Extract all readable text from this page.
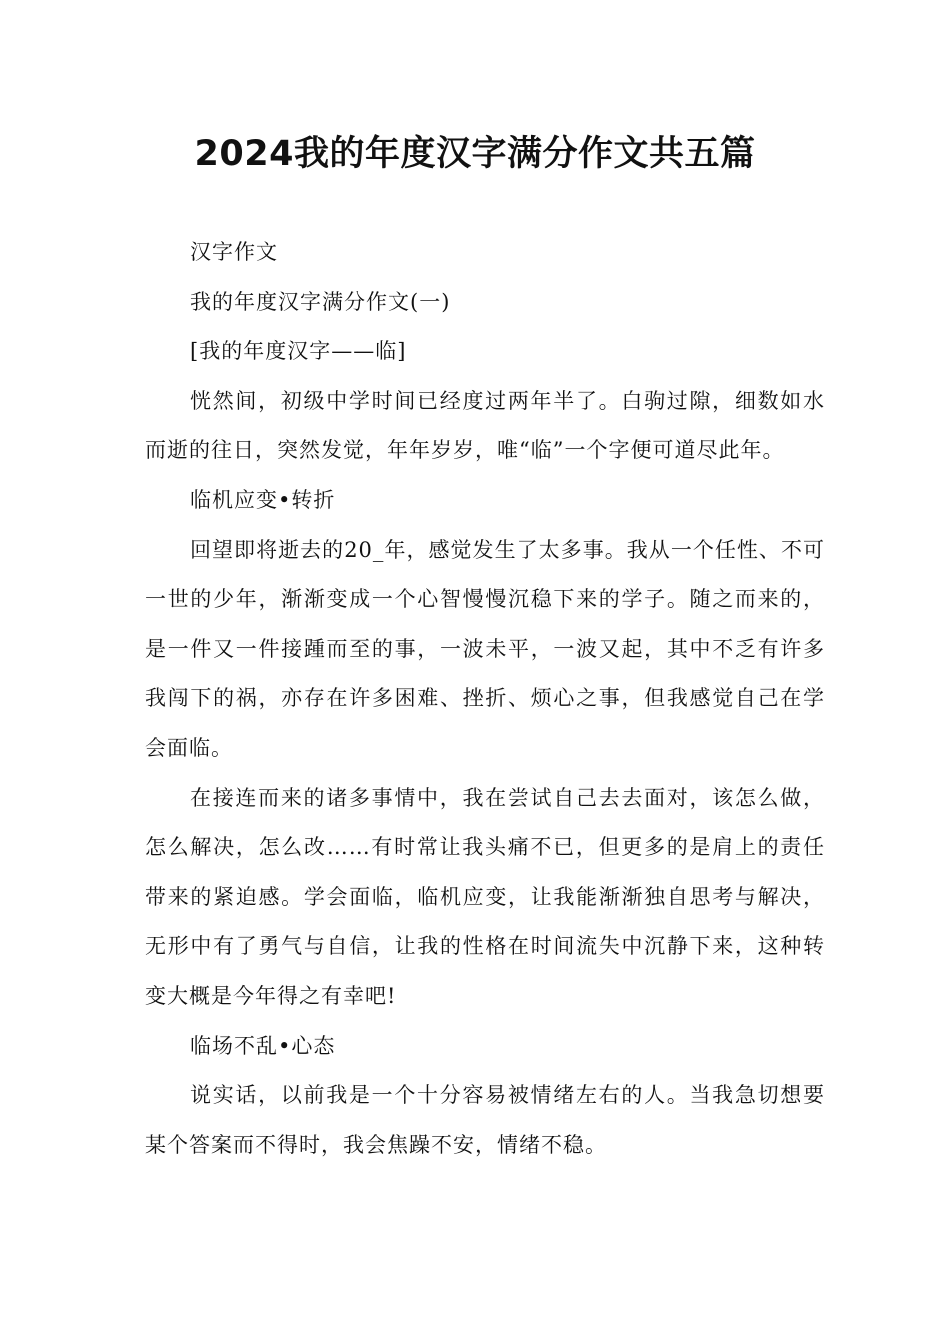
2024我的年度汉字满分作文共五篇

汉字作文

我的年度汉字满分作文(一)

[我的年度汉字——临]

恍然间，初级中学时间已经度过两年半了。白驹过隙，细数如水而逝的往日，突然发觉，年年岁岁，唯“临”一个字便可道尽此年。

临机应变•转折

回望即将逝去的20_年，感觉发生了太多事。我从一个任性、不可一世的少年，渐渐变成一个心智慢慢沉稳下来的学子。随之而来的，是一件又一件接踵而至的事，一波未平，一波又起，其中不乏有许多我闯下的祸，亦存在许多困难、挫折、烦心之事，但我感觉自己在学会面临。

在接连而来的诸多事情中，我在尝试自己去去面对，该怎么做，怎么解决，怎么改……有时常让我头痛不已，但更多的是肩上的责任带来的紧迫感。学会面临，临机应变，让我能渐渐独自思考与解决，无形中有了勇气与自信，让我的性格在时间流失中沉静下来，这种转变大概是今年得之有幸吧!

临场不乱•心态

说实话，以前我是一个十分容易被情绪左右的人。当我急切想要某个答案而不得时，我会焦躁不安，情绪不稳。
